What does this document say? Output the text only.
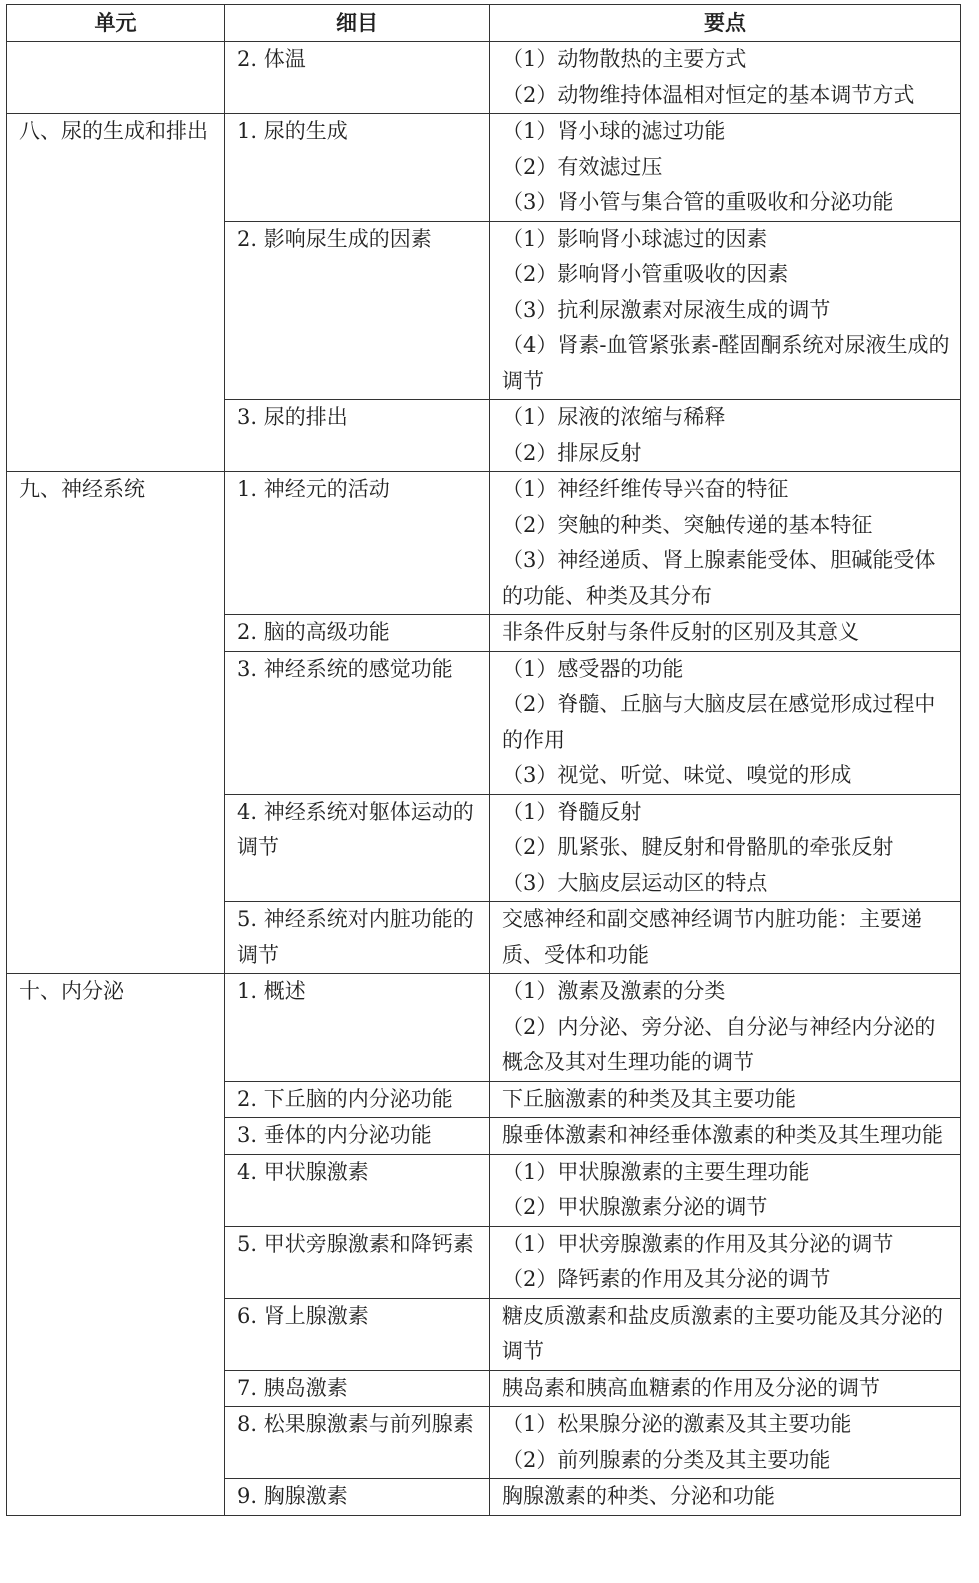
单元	细目	要点
	2. 体温	（1）动物散热的主要方式
（2）动物维持体温相对恒定的基本调节方式

八、尿的生成和排出	1. 尿的生成	（1）肾小球的滤过功能
（2）有效滤过压
（3）肾小管与集合管的重吸收和分泌功能

	2. 影响尿生成的因素	（1）影响肾小球滤过的因素
（2）影响肾小管重吸收的因素
（3）抗利尿激素对尿液生成的调节
（4）肾素-血管紧张素-醛固酮系统对尿液生成的调节

	3. 尿的排出	（1）尿液的浓缩与稀释
（2）排尿反射

九、神经系统	1. 神经元的活动	（1）神经纤维传导兴奋的特征
（2）突触的种类、突触传递的基本特征
（3）神经递质、肾上腺素能受体、胆碱能受体的功能、种类及其分布

	2. 脑的高级功能	非条件反射与条件反射的区别及其意义

	3. 神经系统的感觉功能	（1）感受器的功能
（2）脊髓、丘脑与大脑皮层在感觉形成过程中的作用
（3）视觉、听觉、味觉、嗅觉的形成

	4. 神经系统对躯体运动的调节	（1）脊髓反射
（2）肌紧张、腱反射和骨骼肌的牵张反射
（3）大脑皮层运动区的特点

	5. 神经系统对内脏功能的调节	交感神经和副交感神经调节内脏功能：主要递质、受体和功能

十、内分泌	1. 概述	（1）激素及激素的分类
（2）内分泌、旁分泌、自分泌与神经内分泌的概念及其对生理功能的调节

	2. 下丘脑的内分泌功能	下丘脑激素的种类及其主要功能

	3. 垂体的内分泌功能	腺垂体激素和神经垂体激素的种类及其生理功能

	4. 甲状腺激素	（1）甲状腺激素的主要生理功能
（2）甲状腺激素分泌的调节

	5. 甲状旁腺激素和降钙素	（1）甲状旁腺激素的作用及其分泌的调节
（2）降钙素的作用及其分泌的调节

	6. 肾上腺激素	糖皮质激素和盐皮质激素的主要功能及其分泌的调节

	7. 胰岛激素	胰岛素和胰高血糖素的作用及分泌的调节

	8. 松果腺激素与前列腺素	（1）松果腺分泌的激素及其主要功能
（2）前列腺素的分类及其主要功能

	9. 胸腺激素	胸腺激素的种类、分泌和功能
